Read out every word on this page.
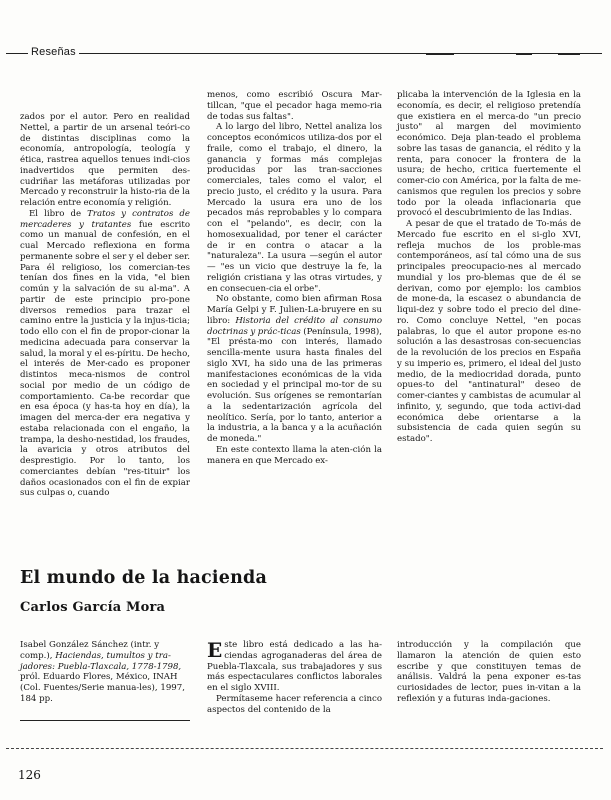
Reseñas

zados por el autor. Pero en realidad Nettel, a partir de un arsenal teóri-co de distintas disciplinas como la economía, antropología, teología y ética, rastrea aquellos tenues indi-cios inadvertidos que permiten des-cudriñar las metáforas utilizadas por Mercado y reconstruir la histo-ria de la relación entre economía y religión.

El libro de Tratos y contratos de mercaderes y tratantes fue escrito como un manual de confesión, en el cual Mercado reflexiona en forma permanente sobre el ser y el deber ser. Para él religioso, los comercian-tes tenían dos fines en la vida, "el bien común y la salvación de su al-ma". A partir de este principio pro-pone diversos remedios para trazar el camino entre la justicia y la injus-ticia; todo ello con el fin de propor-cionar la medicina adecuada para conservar la salud, la moral y el es-píritu. De hecho, el interés de Mer-cado es proponer distintos meca-nismos de control social por medio de un código de comportamiento. Ca-be recordar que en esa época (y has-ta hoy en día), la imagen del merca-der era negativa y estaba relacionada con el engaño, la trampa, la desho-nestidad, los fraudes, la avaricia y otros atributos del desprestigio. Por lo tanto, los comerciantes debían "res-tituir" los daños ocasionados con el fin de expiar sus culpas o, cuando

menos, como escribió Oscura Mar-tillcan, "que el pecador haga memo-ria de todas sus faltas".

A lo largo del libro, Nettel analiza los conceptos económicos utiliza-dos por el fraile, como el trabajo, el dinero, la ganancia y formas más complejas producidas por las tran-sacciones comerciales, tales como el valor, el precio justo, el crédito y la usura. Para Mercado la usura era uno de los pecados más reprobables y lo compara con el "pelando", es decir, con la homosexualidad, por tener el carácter de ir en contra o atacar a la "naturaleza". La usura —según el autor— "es un vicio que destruye la fe, la religión cristiana y las otras virtudes, y en consecuen-cia el orbe".

No obstante, como bien afirman Rosa María Gelpi y F. Julien-La-bruyere en su libro: Historia del crédito al consumo doctrinas y prác-ticas (Península, 1998), "El présta-mo con interés, llamado sencilla-mente usura hasta finales del siglo XVI, ha sido una de las primeras manifestaciones económicas de la vida en sociedad y el principal mo-tor de su evolución. Sus orígenes se remontarían a la sedentarización agrícola del neolítico. Sería, por lo tanto, anterior a la industria, a la banca y a la acuñación de moneda."

En este contexto llama la aten-ción la manera en que Mercado ex-

plicaba la intervención de la Iglesia en la economía, es decir, el religioso pretendía que existiera en el merca-do "un precio justo" al margen del movimiento económico. Deja plan-teado el problema sobre las tasas de ganancia, el rédito y la renta, para conocer la frontera de la usura; de hecho, critica fuertemente el comer-cio con América, por la falta de me-canismos que regulen los precios y sobre todo por la oleada inflacionaria que provocó el descubrimiento de las Indias.

A pesar de que el tratado de To-más de Mercado fue escrito en el si-glo XVI, refleja muchos de los proble-mas contemporáneos, así tal cómo una de sus principales preocupacio-nes al mercado mundial y los pro-blemas que de él se derivan, como por ejemplo: los cambios de mone-da, la escasez o abundancia de liqui-dez y sobre todo el precio del dine-ro. Como concluye Nettel, "en pocas palabras, lo que el autor propone es-no solución a las desastrosas con-secuencias de la revolución de los precios en España y su imperio es, primero, el ideal del justo medio, de la mediocridad dorada, punto opues-to del "antinatural" deseo de comer-ciantes y cambistas de acumular al infinito, y, segundo, que toda activi-dad económica debe orientarse a la subsistencia de cada quien según su estado".

El mundo de la hacienda
Carlos García Mora
Isabel González Sánchez (intr. y comp.), Haciendas, tumultos y tra-jadores: Puebla-Tlaxcala, 1778-1798, pról. Eduardo Flores, México, INAH (Col. Fuentes/Serie manua-les), 1997, 184 pp.

Este libro está dedicado a las ha-ciendas agroganaderas del área de Puebla-Tlaxcala, sus trabajadores y sus más espectaculares conflictos laborales en el siglo XVIII.

Permítaseme hacer referencia a cinco aspectos del contenido de la

introducción y la compilación que llamaron la atención de quien esto escribe y que constituyen temas de análisis. Valdrá la pena exponer es-tas curiosidades de lector, pues in-vitan a la reflexión y a futuras inda-gaciones.

126
